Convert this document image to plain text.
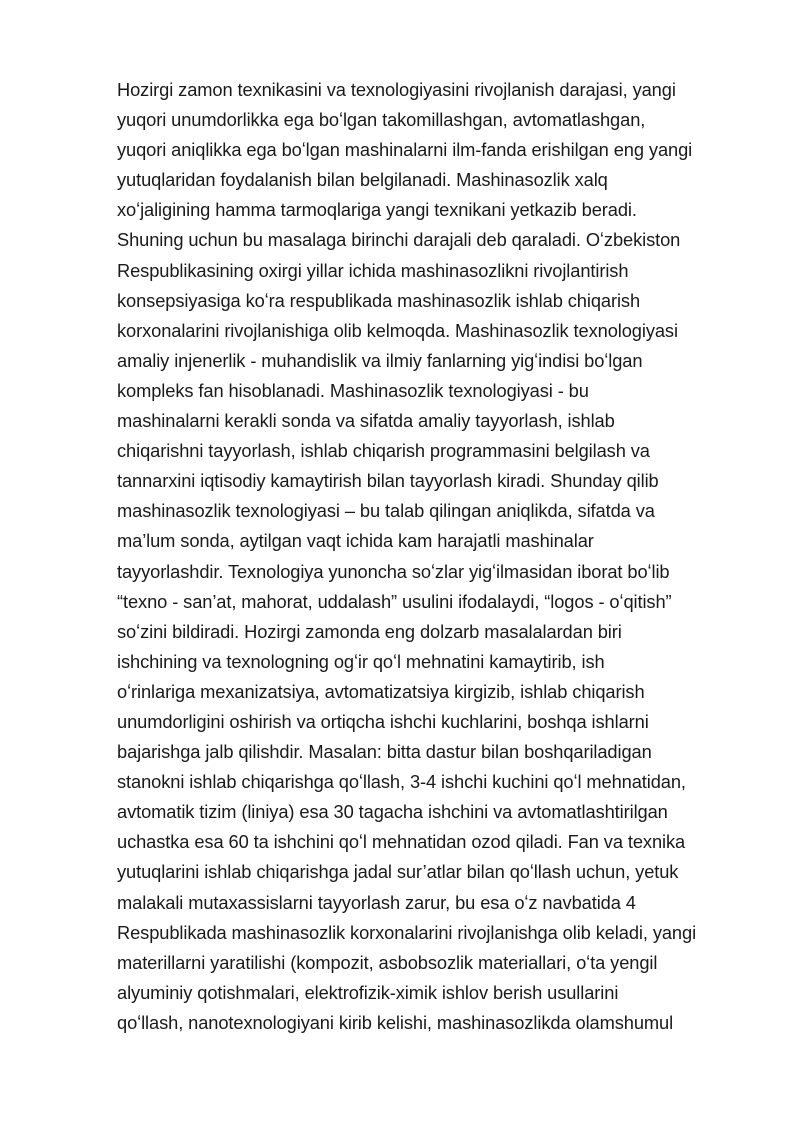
Hozirgi zamon texnikasini va texnologiyasini rivojlanish darajasi, yangi
yuqori unumdorlikka ega boʻlgan takomillashgan, avtomatlashgan,
yuqori aniqlikka ega boʻlgan mashinalarni ilm-fanda erishilgan eng yangi
yutuqlaridan foydalanish bilan belgilanadi. Mashinasozlik xalq
xoʻjaligining hamma tarmoqlariga yangi texnikani yetkazib beradi.
Shuning uchun bu masalaga birinchi darajali deb qaraladi. Oʻzbekiston
Respublikasining oxirgi yillar ichida mashinasozlikni rivojlantirish
konsepsiyasiga koʻra respublikada mashinasozlik ishlab chiqarish
korxonalarini rivojlanishiga olib kelmoqda. Mashinasozlik texnologiyasi
amaliy injenerlik - muhandislik va ilmiy fanlarning yigʻindisi boʻlgan
kompleks fan hisoblanadi. Mashinasozlik texnologiyasi - bu
mashinalarni kerakli sonda va sifatda amaliy tayyorlash, ishlab
chiqarishni tayyorlash, ishlab chiqarish programmasini belgilash va
tannarxini iqtisodiy kamaytirish bilan tayyorlash kiradi. Shunday qilib
mashinasozlik texnologiyasi – bu talab qilingan aniqlikda, sifatda va
ma’lum sonda, aytilgan vaqt ichida kam harajatli mashinalar
tayyorlashdir. Texnologiya yunoncha soʻzlar yigʻilmasidan iborat boʻlib
“texno - san’at, mahorat, uddalash” usulini ifodalaydi, “logos - oʻqitish”
soʻzini bildiradi. Hozirgi zamonda eng dolzarb masalalardan biri
ishchining va texnologning ogʻir qoʻl mehnatini kamaytirib, ish
oʻrinlariga mexanizatsiya, avtomatizatsiya kirgizib, ishlab chiqarish
unumdorligini oshirish va ortiqcha ishchi kuchlarini, boshqa ishlarni
bajarishga jalb qilishdir. Masalan: bitta dastur bilan boshqariladigan
stanokni ishlab chiqarishga qoʻllash, 3-4 ishchi kuchini qoʻl mehnatidan,
avtomatik tizim (liniya) esa 30 tagacha ishchini va avtomatlashtirilgan
uchastka esa 60 ta ishchini qoʻl mehnatidan ozod qiladi. Fan va texnika
yutuqlarini ishlab chiqarishga jadal sur’atlar bilan qoʻllash uchun, yetuk
malakali mutaxassislarni tayyorlash zarur, bu esa oʻz navbatida 4
Respublikada mashinasozlik korxonalarini rivojlanishga olib keladi, yangi
materillarni yaratilishi (kompozit, asbobsozlik materiallari, oʻta yengil
alyuminiy qotishmalari, elektrofizik-ximik ishlov berish usullarini
qoʻllash, nanotexnologiyani kirib kelishi, mashinasozlikda olamshumul
